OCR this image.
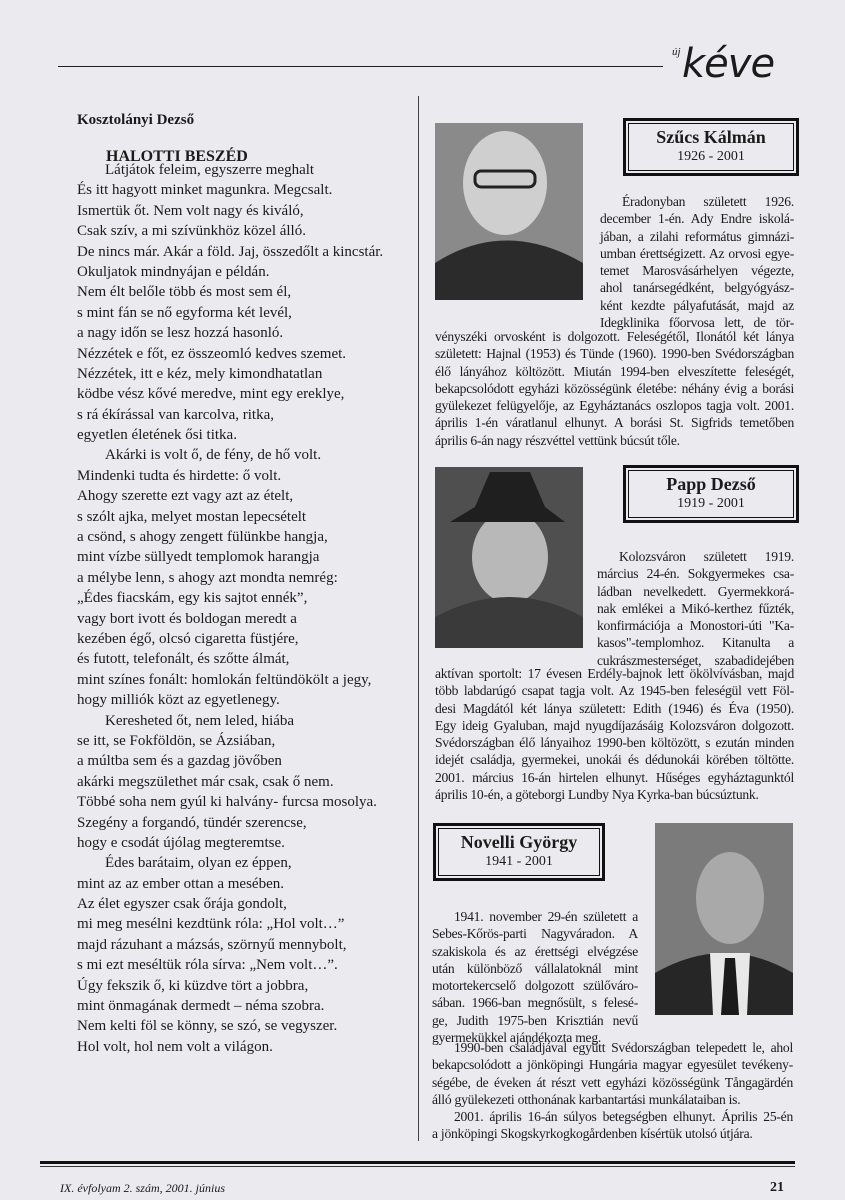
új kéve
Kosztolányi Dezső
HALOTTI BESZÉD
Látjátok feleim, egyszerre meghalt
És itt hagyott minket magunkra. Megcsalt.
Ismertük őt. Nem volt nagy és kiváló,
Csak szív, a mi szívünkhöz közel álló.
De nincs már. Akár a föld. Jaj, összedőlt a kincstár.
Okuljatok mindnyájan e példán.
Nem élt belőle több és most sem él,
s mint fán se nő egyforma két levél,
a nagy időn se lesz hozzá hasonló.
Nézzétek e főt, ez összeomló kedves szemet.
Nézzétek, itt e kéz, mely kimondhatatlan
ködbe vész kővé meredve, mint egy ereklye,
s rá ékírással van karcolva, ritka,
egyetlen életének ősi titka.
Akárki is volt ő, de fény, de hő volt.
Mindenki tudta és hirdette: ő volt.
Ahogy szerette ezt vagy azt az ételt,
s szólt ajka, melyet mostan lepecsételt
a csönd, s ahogy zengett fülünkbe hangja,
mint vízbe süllyedt templomok harangja
a mélybe lenn, s ahogy azt mondta nemrég:
„Édes fiacskám, egy kis sajtot ennék”,
vagy bort ivott és boldogan meredt a
kezében égő, olcsó cigaretta füstjére,
és futott, telefonált, és szőtte álmát,
mint színes fonált: homlokán feltündökölt a jegy,
hogy milliók közt az egyetlenegy.
Keresheted őt, nem leled, hiába
se itt, se Fokföldön, se Ázsiában,
a múltba sem és a gazdag jövőben
akárki megszülethet már csak, csak ő nem.
Többé soha nem gyúl ki halvány- furcsa mosolya.
Szegény a forgandó, tündér szerencse,
hogy e csodát újólag megteremtse.
Édes barátaim, olyan ez éppen,
mint az az ember ottan a mesében.
Az élet egyszer csak őrája gondolt,
mi meg mesélni kezdtünk róla: „Hol volt…”
majd rázuhant a mázsás, szörnyű mennybolt,
s mi ezt meséltük róla sírva: „Nem volt…”.
Úgy fekszik ő, ki küzdve tört a jobbra,
mint önmagának dermedt – néma szobra.
Nem kelti föl se könny, se szó, se vegyszer.
Hol volt, hol nem volt a világon.
Szűcs Kálmán
1926 - 2001
Éradonyban született 1926.
december 1-én. Ady Endre iskolá-
jában, a zilahi református gimnázi-
umban érettségizett. Az orvosi egye-
temet Marosvásárhelyen végezte,
ahol tanársegédként, belgyógyász-
ként kezdte pályafutását, majd az
Idegklinika főorvosa lett, de tör-
vényszéki orvosként is dolgozott. Feleségétől, Ilonától két lánya
született: Hajnal (1953) és Tünde (1960). 1990-ben Svédországban
élő lányához költözött. Miután 1994-ben elveszítette feleségét,
bekapcsolódott egyházi közösségünk életébe: néhány évig a borási
gyülekezet felügyelője, az Egyháztanács oszlopos tagja volt. 2001.
április 1-én váratlanul elhunyt. A borási St. Sigfrids temetőben
április 6-án nagy részvéttel vettünk búcsút tőle.
Papp Dezső
1919 - 2001
Kolozsváron született 1919.
március 24-én. Sokgyermekes csa-
ládban nevelkedett. Gyermekkorá-
nak emlékei a Mikó-kerthez fűzték,
konfirmációja a Monostori-úti "Ka-
kasos"-templomhoz. Kitanulta a
cukrászmesterséget, szabadidejében
aktívan sportolt: 17 évesen Erdély-bajnok lett ökölvívásban, majd
több labdarúgó csapat tagja volt. Az 1945-ben feleségül vett Föl-
desi Magdától két lánya született: Edith (1946) és Éva (1950).
Egy ideig Gyaluban, majd nyugdíjazásáig Kolozsváron dolgozott.
Svédországban élő lányaihoz 1990-ben költözött, s ezután minden
idejét családja, gyermekei, unokái és dédunokái körében töltötte.
2001. március 16-án hirtelen elhunyt. Hűséges egyháztagunktól
április 10-én, a göteborgi Lundby Nya Kyrka-ban búcsúztunk.
Novelli György
1941 - 2001
1941. november 29-én született a
Sebes-Kőrös-parti Nagyváradon. A
szakiskola és az érettségi elvégzése
után különböző vállalatoknál mint
motortekercselő dolgozott szülőváro-
sában. 1966-ban megnősült, s felesé-
ge, Judith 1975-ben Krisztián nevű
gyermekükkel ajándékozta meg.
1990-ben családjával együtt Svédországban telepedett le, ahol
bekapcsolódott a jönköpingi Hungária magyar egyesület tevékeny-
ségébe, de éveken át részt vett egyházi közösségünk Tångagärdén
álló gyülekezeti otthonának karbantartási munkálataiban is.
2001. április 16-án súlyos betegségben elhunyt. Április 25-én
a jönköpingi Skogskyrkogkogårdenben kísértük utolsó útjára.
IX. évfolyam 2. szám, 2001. június	21
